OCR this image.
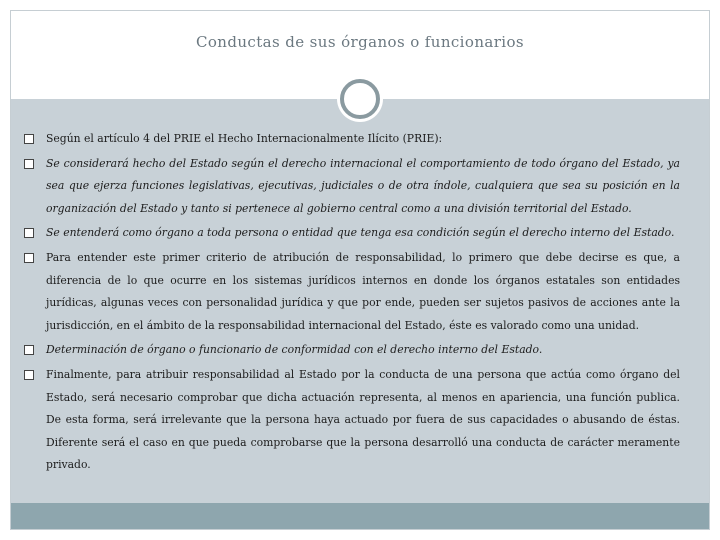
Conductas de sus órganos o funcionarios
Según el artículo 4 del PRIE el Hecho Internacionalmente Ilícito (PRIE):
Se considerará hecho del Estado según el derecho internacional el comportamiento de todo órgano del Estado, ya sea que ejerza funciones legislativas, ejecutivas, judiciales o de otra índole, cualquiera que sea su posición en la organización del Estado y tanto si pertenece al gobierno central como a una división territorial del Estado.
Se entenderá como órgano a toda persona o entidad que tenga esa condición según el derecho interno del Estado.
Para entender este primer criterio de atribución de responsabilidad, lo primero que debe decirse es que, a diferencia de lo que ocurre en los sistemas jurídicos internos en donde los órganos estatales son entidades jurídicas, algunas veces con personalidad jurídica y que por ende, pueden ser sujetos pasivos de acciones ante la jurisdicción, en el ámbito de la responsabilidad internacional del Estado, éste es valorado como una unidad.
Determinación de órgano o funcionario de conformidad con el derecho interno del Estado.
Finalmente, para atribuir responsabilidad al Estado por la conducta de una persona que actúa como órgano del Estado, será necesario comprobar que dicha actuación representa, al menos en apariencia, una función publica. De esta forma, será irrelevante que la persona haya actuado por fuera de sus capacidades o abusando de éstas. Diferente será el caso en que pueda comprobarse que la persona desarrolló una conducta de carácter meramente privado.
